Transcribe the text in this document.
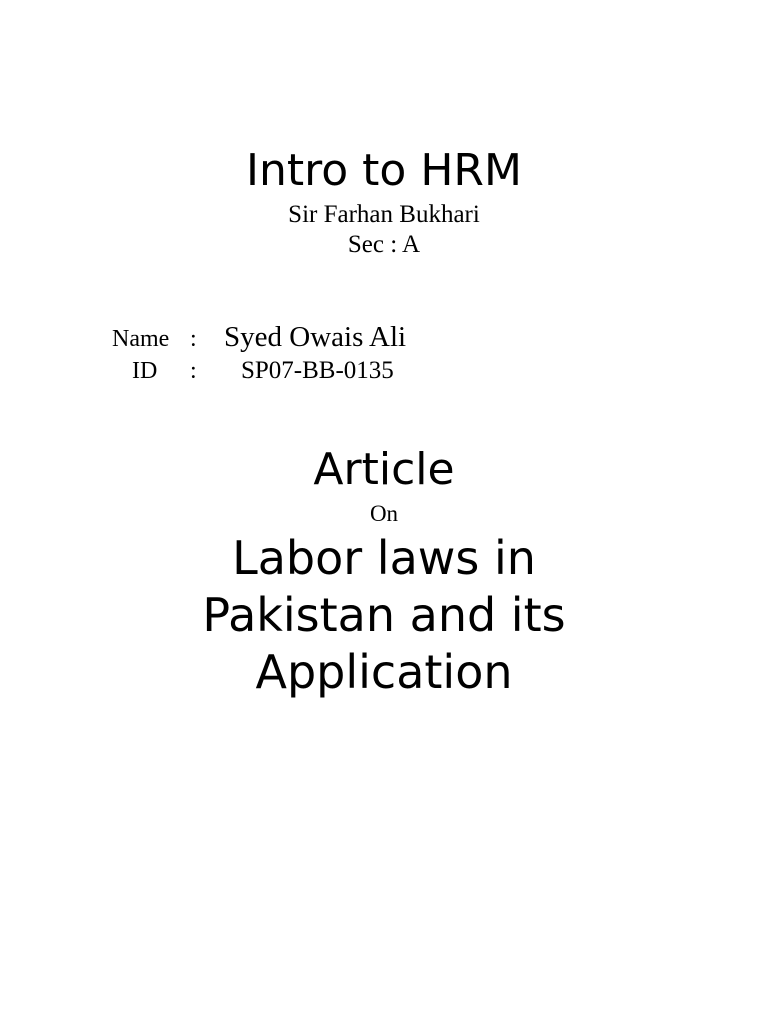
Intro to HRM
Sir Farhan Bukhari
Sec : A
Name : Syed Owais Ali
ID : SP07-BB-0135
Article
On
Labor laws in
Pakistan and its
Application
